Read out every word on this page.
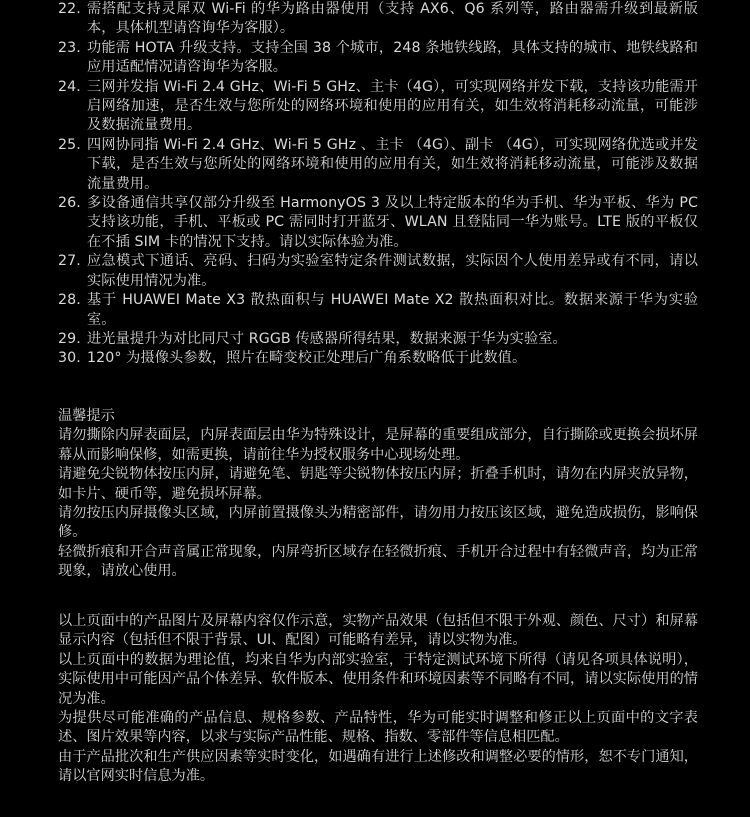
22. 需搭配支持灵犀双 Wi-Fi 的华为路由器使用（支持 AX6、Q6 系列等，路由器需升级到最新版本，具体机型请咨询华为客服）。
23. 功能需 HOTA 升级支持。支持全国 38 个城市，248 条地铁线路，具体支持的城市、地铁线路和应用适配情况请咨询华为客服。
24. 三网并发指 Wi-Fi 2.4 GHz、Wi-Fi 5 GHz、主卡（4G），可实现网络并发下载，支持该功能需开启网络加速，是否生效与您所处的网络环境和使用的应用有关，如生效将消耗移动流量，可能涉及数据流量费用。
25. 四网协同指 Wi-Fi 2.4 GHz、Wi-Fi 5 GHz 、主卡 （4G）、副卡 （4G），可实现网络优选或并发下载，是否生效与您所处的网络环境和使用的应用有关，如生效将消耗移动流量，可能涉及数据流量费用。
26. 多设备通信共享仅部分升级至 HarmonyOS 3 及以上特定版本的华为手机、华为平板、华为 PC 支持该功能，手机、平板或 PC 需同时打开蓝牙、WLAN 且登陆同一华为账号。LTE 版的平板仅在不插 SIM 卡的情况下支持。请以实际体验为准。
27. 应急模式下通话、亮码、扫码为实验室特定条件测试数据，实际因个人使用差异或有不同，请以实际使用情况为准。
28. 基于 HUAWEI Mate X3 散热面积与 HUAWEI Mate X2 散热面积对比。数据来源于华为实验室。
29. 进光量提升为对比同尺寸 RGGB 传感器所得结果，数据来源于华为实验室。
30. 120° 为摄像头参数，照片在畸变校正处理后广角系数略低于此数值。

温馨提示

请勿撕除内屏表面层，内屏表面层由华为特殊设计，是屏幕的重要组成部分，自行撕除或更换会损坏屏幕从而影响保修，如需更换，请前往华为授权服务中心现场处理。

请避免尖锐物体按压内屏，请避免笔、钥匙等尖锐物体按压内屏；折叠手机时，请勿在内屏夹放异物，如卡片、硬币等，避免损坏屏幕。

请勿按压内屏摄像头区域，内屏前置摄像头为精密部件，请勿用力按压该区域，避免造成损伤，影响保修。

轻微折痕和开合声音属正常现象，内屏弯折区域存在轻微折痕、手机开合过程中有轻微声音，均为正常现象，请放心使用。

以上页面中的产品图片及屏幕内容仅作示意，实物产品效果（包括但不限于外观、颜色、尺寸）和屏幕显示内容（包括但不限于背景、UI、配图）可能略有差异，请以实物为准。

以上页面中的数据为理论值，均来自华为内部实验室，于特定测试环境下所得（请见各项具体说明），实际使用中可能因产品个体差异、软件版本、使用条件和环境因素等不同略有不同，请以实际使用的情况为准。

为提供尽可能准确的产品信息、规格参数、产品特性，华为可能实时调整和修正以上页面中的文字表述、图片效果等内容，以求与实际产品性能、规格、指数、零部件等信息相匹配。

由于产品批次和生产供应因素等实时变化，如遇确有进行上述修改和调整必要的情形，恕不专门通知，请以官网实时信息为准。
